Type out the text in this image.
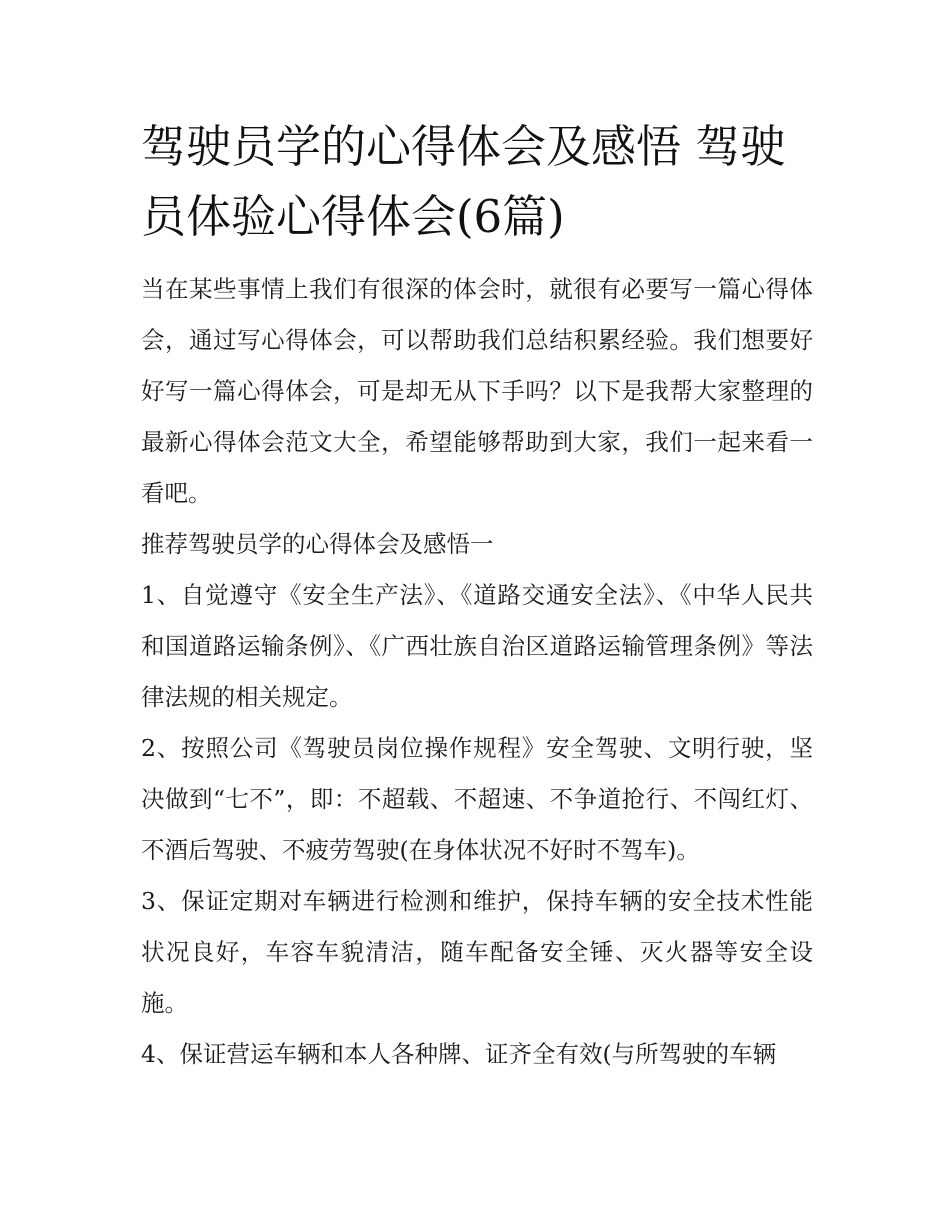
驾驶员学的心得体会及感悟 驾驶员体验心得体会(6篇)

当在某些事情上我们有很深的体会时，就很有必要写一篇心得体会，通过写心得体会，可以帮助我们总结积累经验。我们想要好好写一篇心得体会，可是却无从下手吗？以下是我帮大家整理的最新心得体会范文大全，希望能够帮助到大家，我们一起来看一看吧。

推荐驾驶员学的心得体会及感悟一

1、自觉遵守《安全生产法》、《道路交通安全法》、《中华人民共和国道路运输条例》、《广西壮族自治区道路运输管理条例》等法律法规的相关规定。

2、按照公司《驾驶员岗位操作规程》安全驾驶、文明行驶，坚决做到“七不”，即：不超载、不超速、不争道抢行、不闯红灯、不酒后驾驶、不疲劳驾驶(在身体状况不好时不驾车)。

3、保证定期对车辆进行检测和维护，保持车辆的安全技术性能状况良好，车容车貌清洁，随车配备安全锤、灭火器等安全设施。

4、保证营运车辆和本人各种牌、证齐全有效(与所驾驶的车辆
